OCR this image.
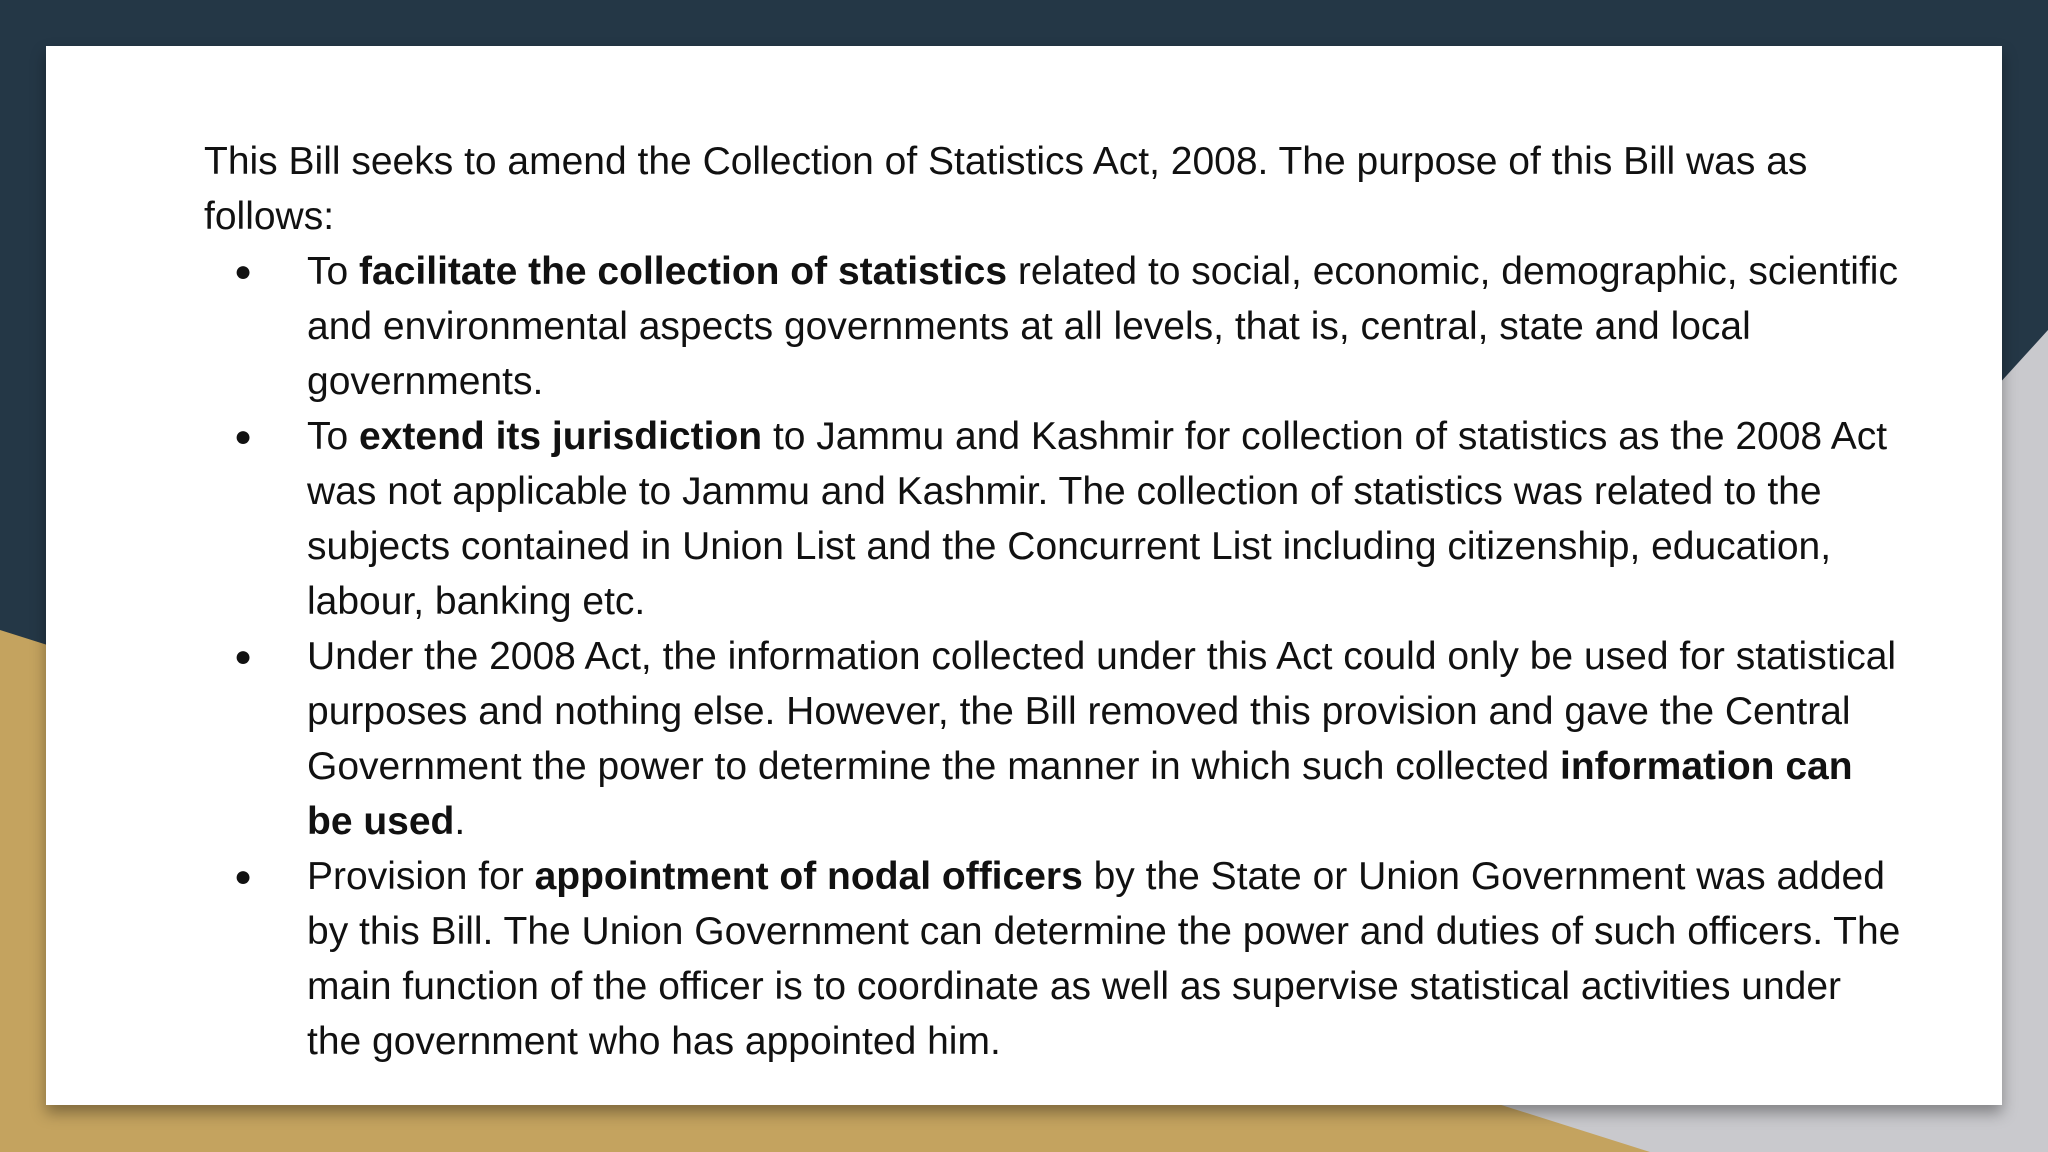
This Bill seeks to amend the Collection of Statistics Act, 2008. The purpose of this Bill was as follows:

● To facilitate the collection of statistics related to social, economic, demographic, scientific and environmental aspects governments at all levels, that is, central, state and local governments.
● To extend its jurisdiction to Jammu and Kashmir for collection of statistics as the 2008 Act was not applicable to Jammu and Kashmir. The collection of statistics was related to the subjects contained in Union List and the Concurrent List including citizenship, education, labour, banking etc.
● Under the 2008 Act, the information collected under this Act could only be used for statistical purposes and nothing else. However, the Bill removed this provision and gave the Central Government the power to determine the manner in which such collected information can be used.
● Provision for appointment of nodal officers by the State or Union Government was added by this Bill. The Union Government can determine the power and duties of such officers. The main function of the officer is to coordinate as well as supervise statistical activities under the government who has appointed him.
